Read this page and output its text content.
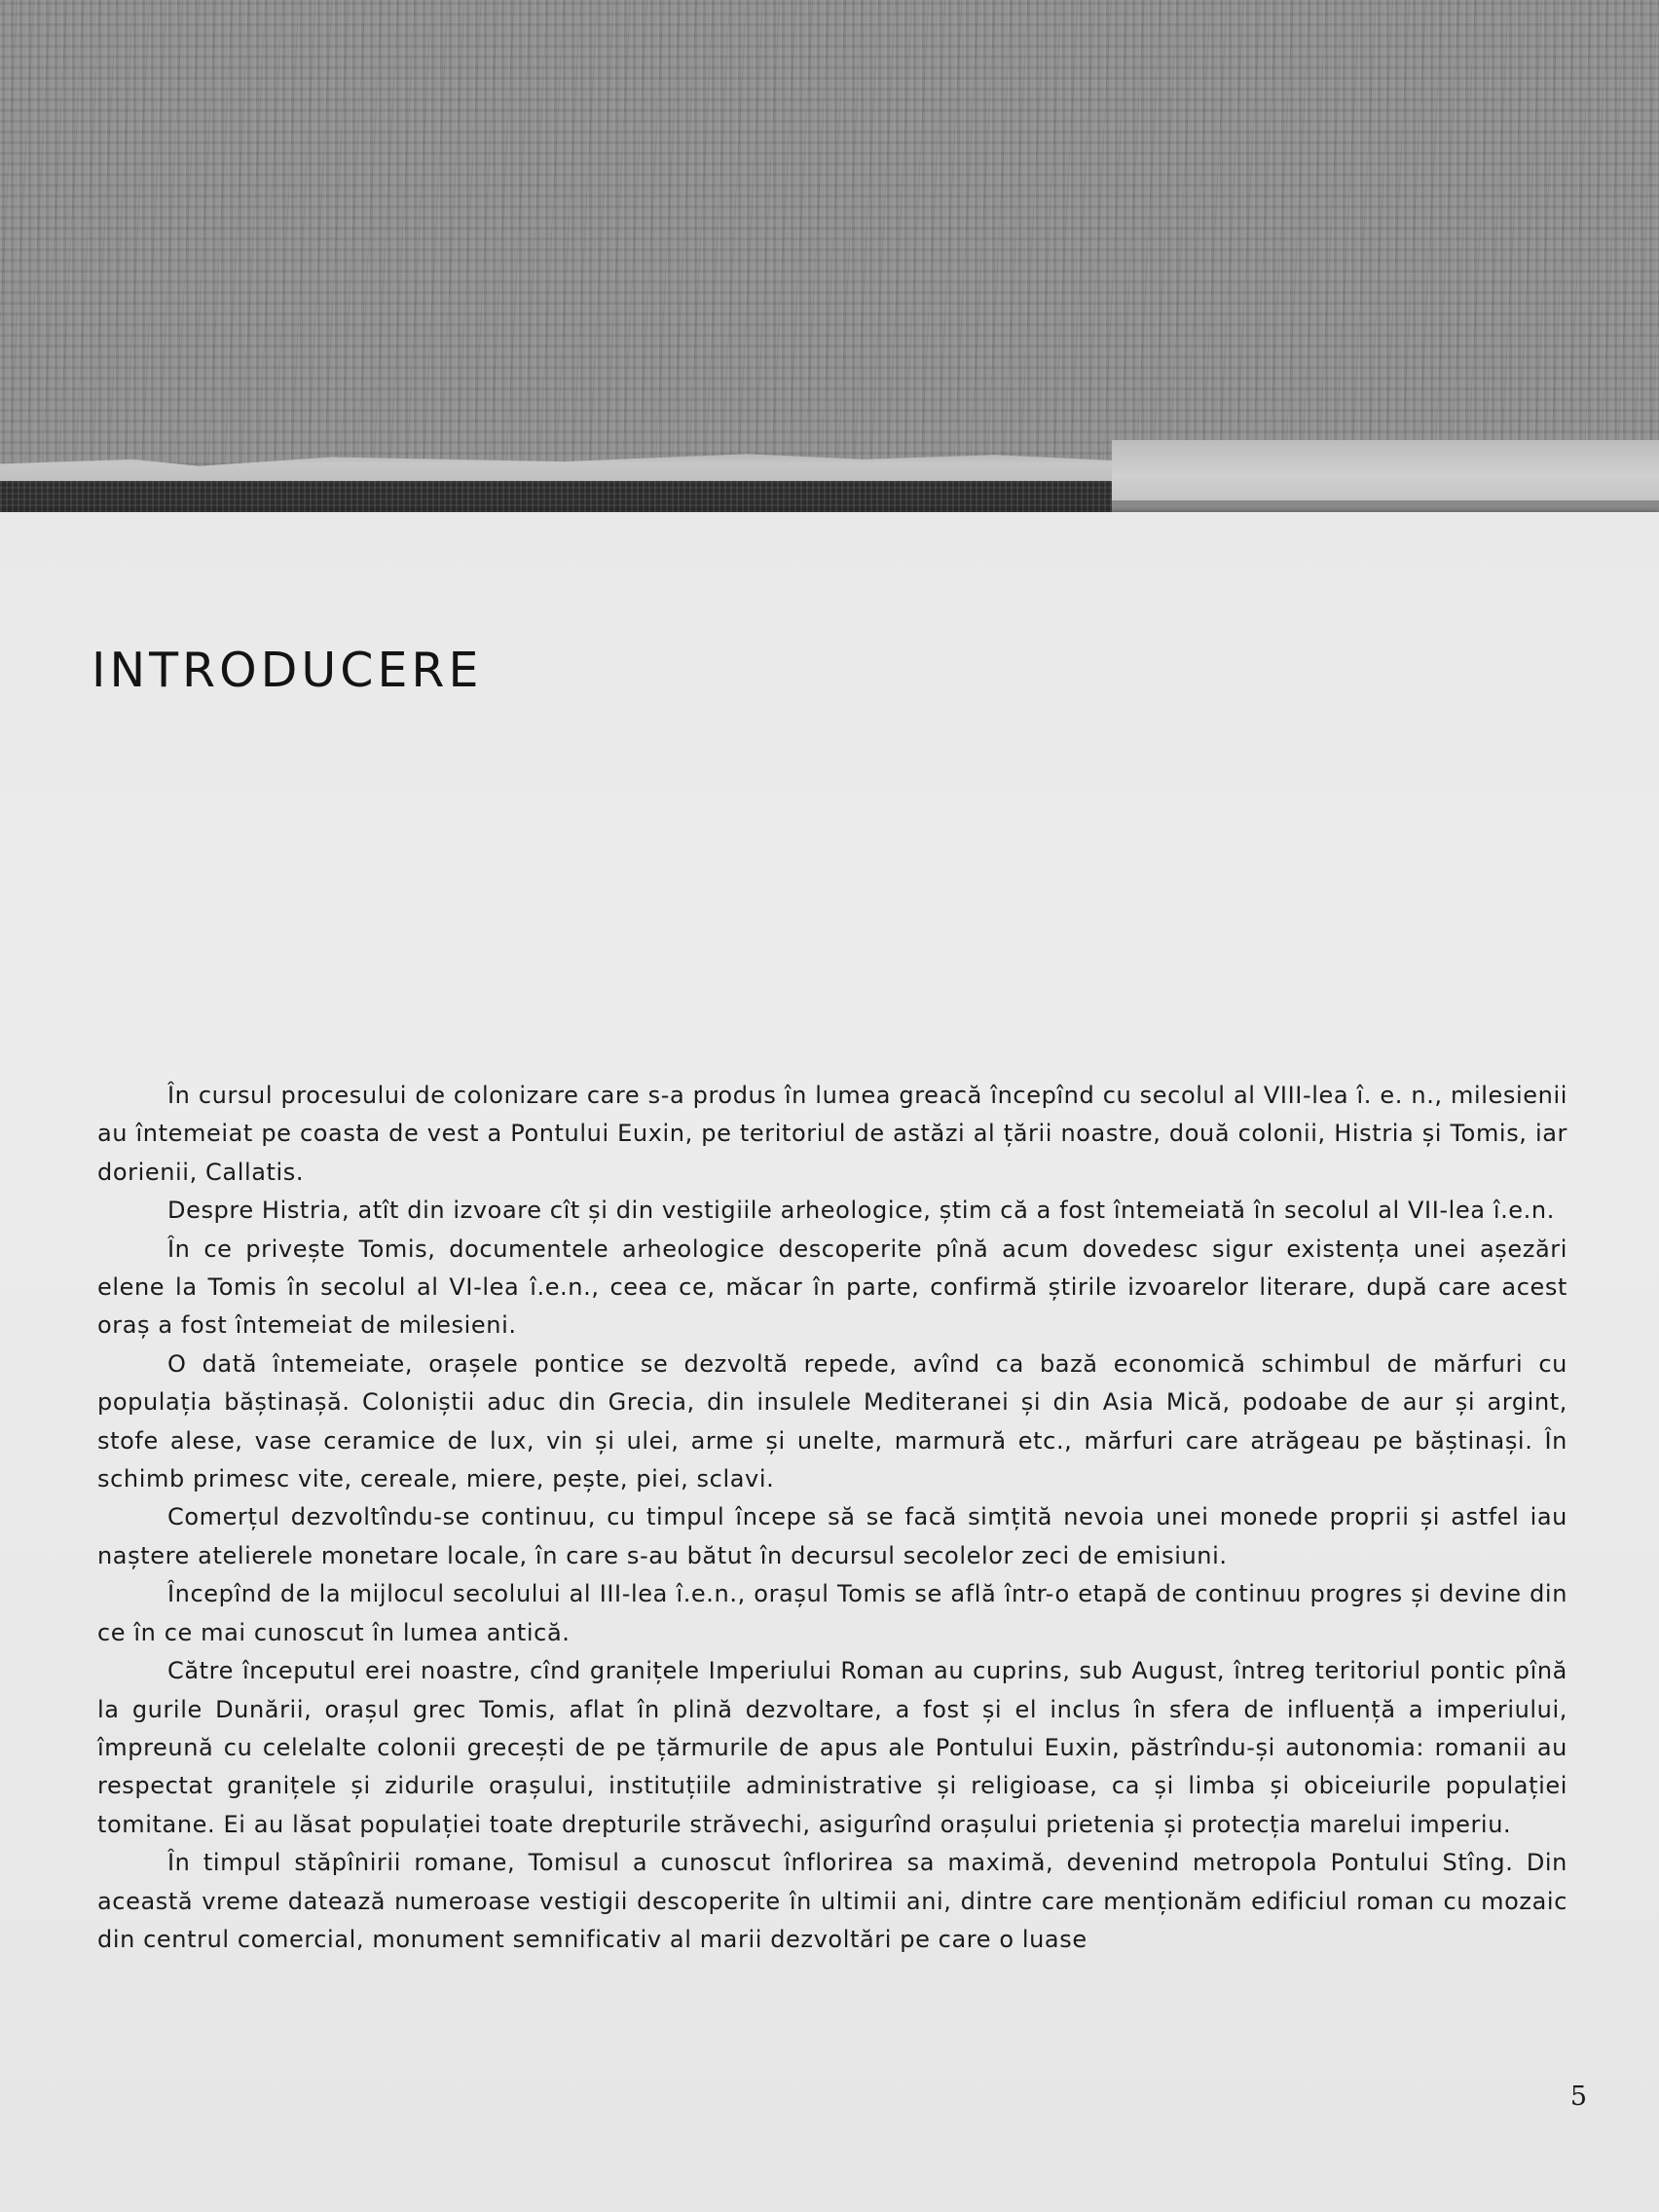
INTRODUCERE

În cursul procesului de colonizare care s-a produs în lumea greacă începînd cu secolul al VIII-lea î. e. n., milesienii au întemeiat pe coasta de vest a Pontului Euxin, pe teritoriul de astăzi al țării noastre, două colonii, Histria și Tomis, iar dorienii, Callatis.

Despre Histria, atît din izvoare cît și din vestigiile arheologice, știm că a fost întemeiată în secolul al VII-lea î.e.n.

În ce privește Tomis, documentele arheologice descoperite pînă acum dovedesc sigur existența unei așezări elene la Tomis în secolul al VI-lea î.e.n., ceea ce, măcar în parte, confirmă știrile izvoarelor literare, după care acest oraș a fost întemeiat de milesieni.

O dată întemeiate, orașele pontice se dezvoltă repede, avînd ca bază economică schimbul de mărfuri cu populația băștinașă. Coloniștii aduc din Grecia, din insulele Mediteranei și din Asia Mică, podoabe de aur și argint, stofe alese, vase ceramice de lux, vin și ulei, arme și unelte, marmură etc., mărfuri care atrăgeau pe băștinași. În schimb primesc vite, cereale, miere, pește, piei, sclavi.

Comerțul dezvoltîndu-se continuu, cu timpul începe să se facă simțită nevoia unei monede proprii și astfel iau naștere atelierele monetare locale, în care s-au bătut în decursul secolelor zeci de emisiuni.

Începînd de la mijlocul secolului al III-lea î.e.n., orașul Tomis se află într-o etapă de continuu progres și devine din ce în ce mai cunoscut în lumea antică.

Către începutul erei noastre, cînd granițele Imperiului Roman au cuprins, sub August, întreg teritoriul pontic pînă la gurile Dunării, orașul grec Tomis, aflat în plină dezvoltare, a fost și el inclus în sfera de influență a imperiului, împreună cu celelalte colonii grecești de pe țărmurile de apus ale Pontului Euxin, păstrîndu-și autonomia: romanii au respectat granițele și zidurile orașului, instituțiile administrative și religioase, ca și limba și obiceiurile populației tomitane. Ei au lăsat populației toate drepturile străvechi, asigurînd orașului prietenia și protecția marelui imperiu.

În timpul stăpînirii romane, Tomisul a cunoscut înflorirea sa maximă, devenind metropola Pontului Stîng. Din această vreme datează numeroase vestigii descoperite în ultimii ani, dintre care menționăm edificiul roman cu mozaic din centrul comercial, monument semnificativ al marii dezvoltări pe care o luase

5
